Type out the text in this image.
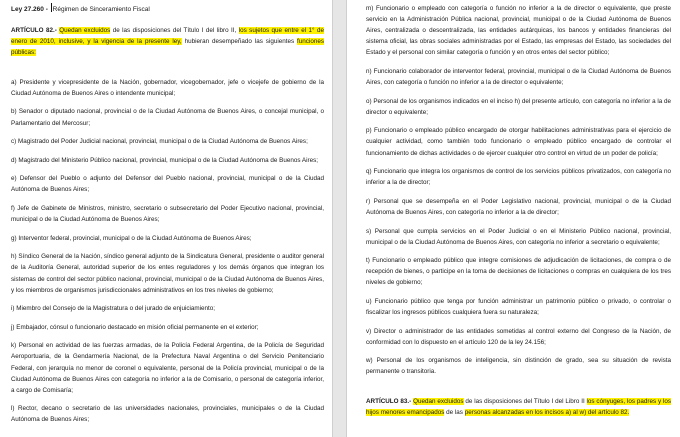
Ley 27.260 - Régimen de Sinceramiento Fiscal

ARTÍCULO 82.- Quedan excluidos de las disposiciones del Título I del libro II, los sujetos que entre el 1° de enero de 2010, inclusive, y la vigencia de la presente ley, hubieran desempeñado las siguientes funciones públicas:

a) Presidente y vicepresidente de la Nación, gobernador, vicegobernador, jefe o vicejefe de gobierno de la Ciudad Autónoma de Buenos Aires o intendente municipal;

b) Senador o diputado nacional, provincial o de la Ciudad Autónoma de Buenos Aires, o concejal municipal, o Parlamentario del Mercosur;

c) Magistrado del Poder Judicial nacional, provincial, municipal o de la Ciudad Autónoma de Buenos Aires;

d) Magistrado del Ministerio Público nacional, provincial, municipal o de la Ciudad Autónoma de Buenos Aires;

e) Defensor del Pueblo o adjunto del Defensor del Pueblo nacional, provincial, municipal o de la Ciudad Autónoma de Buenos Aires;

f) Jefe de Gabinete de Ministros, ministro, secretario o subsecretario del Poder Ejecutivo nacional, provincial, municipal o de la Ciudad Autónoma de Buenos Aires;

g) Interventor federal, provincial, municipal o de la Ciudad Autónoma de Buenos Aires;

h) Síndico General de la Nación, síndico general adjunto de la Sindicatura General, presidente o auditor general de la Auditoría General, autoridad superior de los entes reguladores y los demás órganos que integran los sistemas de control del sector público nacional, provincial, municipal o de la Ciudad Autónoma de Buenos Aires, y los miembros de organismos jurisdiccionales administrativos en los tres niveles de gobierno;

i) Miembro del Consejo de la Magistratura o del jurado de enjuiciamiento;

j) Embajador, cónsul o funcionario destacado en misión oficial permanente en el exterior;

k) Personal en actividad de las fuerzas armadas, de la Policía Federal Argentina, de la Policía de Seguridad Aeroportuaria, de la Gendarmería Nacional, de la Prefectura Naval Argentina o del Servicio Penitenciario Federal, con jerarquía no menor de coronel o equivalente, personal de la Policía provincial, municipal o de la Ciudad Autónoma de Buenos Aires con categoría no inferior a la de Comisario, o personal de categoría inferior, a cargo de Comisaría;

l) Rector, decano o secretario de las universidades nacionales, provinciales, municipales o de la Ciudad Autónoma de Buenos Aires;

m) Funcionario o empleado con categoría o función no inferior a la de director o equivalente, que preste servicio en la Administración Pública nacional, provincial, municipal o de la Ciudad Autónoma de Buenos Aires, centralizada o descentralizada, las entidades autárquicas, los bancos y entidades financieras del sistema oficial, las obras sociales administradas por el Estado, las empresas del Estado, las sociedades del Estado y el personal con similar categoría o función y en otros entes del sector público;

n) Funcionario colaborador de interventor federal, provincial, municipal o de la Ciudad Autónoma de Buenos Aires, con categoría o función no inferior a la de director o equivalente;

o) Personal de los organismos indicados en el inciso h) del presente artículo, con categoría no inferior a la de director o equivalente;

p) Funcionario o empleado público encargado de otorgar habilitaciones administrativas para el ejercicio de cualquier actividad, como también todo funcionario o empleado público encargado de controlar el funcionamiento de dichas actividades o de ejercer cualquier otro control en virtud de un poder de policía;

q) Funcionario que integra los organismos de control de los servicios públicos privatizados, con categoría no inferior a la de director;

r) Personal que se desempeña en el Poder Legislativo nacional, provincial, municipal o de la Ciudad Autónoma de Buenos Aires, con categoría no inferior a la de director;

s) Personal que cumpla servicios en el Poder Judicial o en el Ministerio Público nacional, provincial, municipal o de la Ciudad Autónoma de Buenos Aires, con categoría no inferior a secretario o equivalente;

t) Funcionario o empleado público que integre comisiones de adjudicación de licitaciones, de compra o de recepción de bienes, o participe en la toma de decisiones de licitaciones o compras en cualquiera de los tres niveles de gobierno;

u) Funcionario público que tenga por función administrar un patrimonio público o privado, o controlar o fiscalizar los ingresos públicos cualquiera fuera su naturaleza;

v) Director o administrador de las entidades sometidas al control externo del Congreso de la Nación, de conformidad con lo dispuesto en el artículo 120 de la ley 24.156;

w) Personal de los organismos de inteligencia, sin distinción de grado, sea su situación de revista permanente o transitoria.

ARTÍCULO 83.- Quedan excluidos de las disposiciones del Título I del Libro II los cónyuges, los padres y los hijos menores emancipados de las personas alcanzadas en los incisos a) al w) del artículo 82.
